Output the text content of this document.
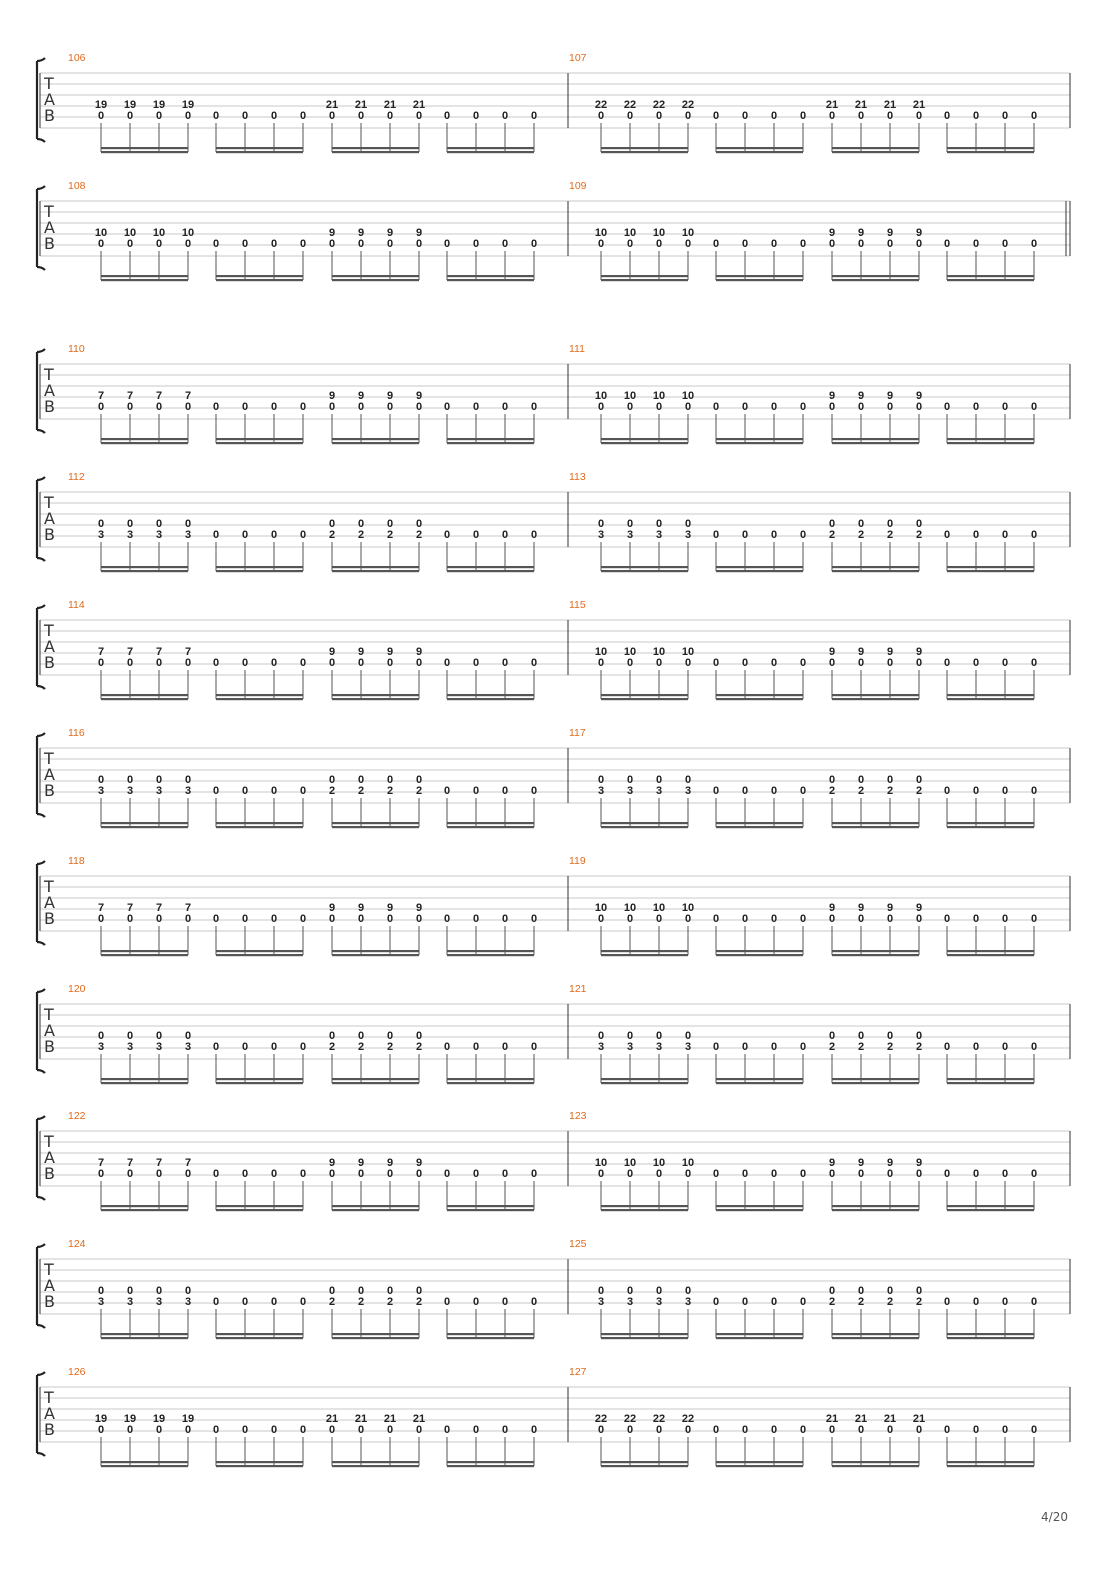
T
A
B
106
19
0
19
0
19
0
19
0 0 0 0 0
21
0
21
0
21
0
21
0 0 0 0 0
107
22
0
22
0
22
0
22
0 0 0 0 0
21
0
21
0
21
0
21
0 0 0 0 0
T
A
B
108
10
0
10
0
10
0
10
0 0 0 0 0
9
0
9
0
9
0
9
0 0 0 0 0
109
10
0
10
0
10
0
10
0 0 0 0 0
9
0
9
0
9
0
9
0 0 0 0 0
T
A
B
110
7
0
7
0
7
0
7
0 0 0 0 0
9
0
9
0
9
0
9
0 0 0 0 0
111
10
0
10
0
10
0
10
0 0 0 0 0
9
0
9
0
9
0
9
0 0 0 0 0
T
A
B
112
0
3
0
3
0
3
0
3 0 0 0 0
0
2
0
2
0
2
0
2 0 0 0 0
113
0
3
0
3
0
3
0
3 0 0 0 0
0
2
0
2
0
2
0
2 0 0 0 0
T
A
B
114
7
0
7
0
7
0
7
0 0 0 0 0
9
0
9
0
9
0
9
0 0 0 0 0
115
10
0
10
0
10
0
10
0 0 0 0 0
9
0
9
0
9
0
9
0 0 0 0 0
T
A
B
116
0
3
0
3
0
3
0
3 0 0 0 0
0
2
0
2
0
2
0
2 0 0 0 0
117
0
3
0
3
0
3
0
3 0 0 0 0
0
2
0
2
0
2
0
2 0 0 0 0
T
A
B
118
7
0
7
0
7
0
7
0 0 0 0 0
9
0
9
0
9
0
9
0 0 0 0 0
119
10
0
10
0
10
0
10
0 0 0 0 0
9
0
9
0
9
0
9
0 0 0 0 0
T
A
B
120
0
3
0
3
0
3
0
3 0 0 0 0
0
2
0
2
0
2
0
2 0 0 0 0
121
0
3
0
3
0
3
0
3 0 0 0 0
0
2
0
2
0
2
0
2 0 0 0 0
T
A
B
122
7
0
7
0
7
0
7
0 0 0 0 0
9
0
9
0
9
0
9
0 0 0 0 0
123
10
0
10
0
10
0
10
0 0 0 0 0
9
0
9
0
9
0
9
0 0 0 0 0
T
A
B
124
0
3
0
3
0
3
0
3 0 0 0 0
0
2
0
2
0
2
0
2 0 0 0 0
125
0
3
0
3
0
3
0
3 0 0 0 0
0
2
0
2
0
2
0
2 0 0 0 0
T
A
B
126
19
0
19
0
19
0
19
0 0 0 0 0
21
0
21
0
21
0
21
0 0 0 0 0
127
22
0
22
0
22
0
22
0 0 0 0 0
21
0
21
0
21
0
21
0 0 0 0 0
4/20
